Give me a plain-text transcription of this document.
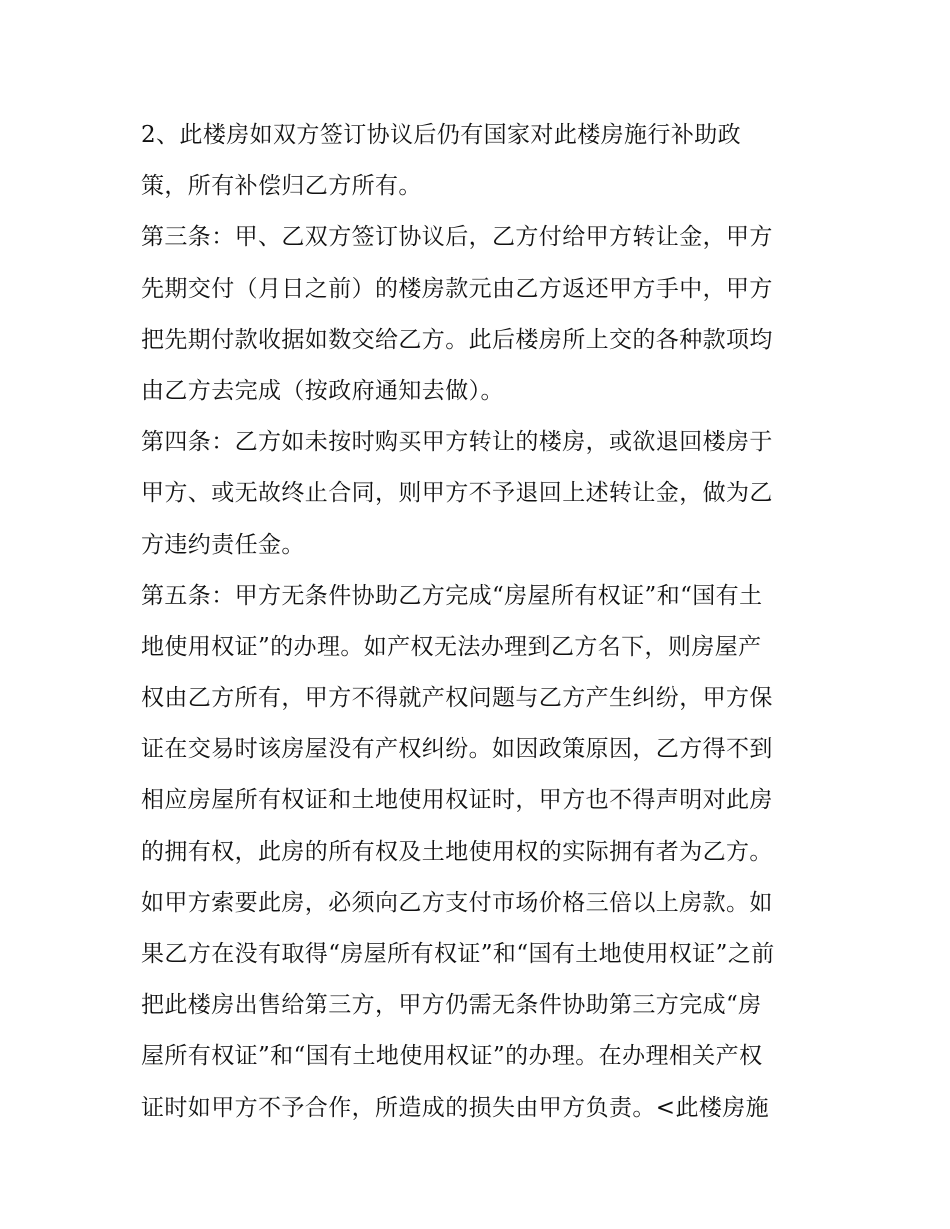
2、此楼房如双方签订协议后仍有国家对此楼房施行补助政
策，所有补偿归乙方所有。

第三条：甲、乙双方签订协议后，乙方付给甲方转让金，甲方
先期交付（月日之前）的楼房款元由乙方返还甲方手中，甲方
把先期付款收据如数交给乙方。此后楼房所上交的各种款项均
由乙方去完成（按政府通知去做）。

第四条：乙方如未按时购买甲方转让的楼房，或欲退回楼房于
甲方、或无故终止合同，则甲方不予退回上述转让金，做为乙
方违约责任金。

第五条：甲方无条件协助乙方完成“房屋所有权证”和“国有土
地使用权证”的办理。如产权无法办理到乙方名下，则房屋产
权由乙方所有，甲方不得就产权问题与乙方产生纠纷，甲方保
证在交易时该房屋没有产权纠纷。如因政策原因，乙方得不到
相应房屋所有权证和土地使用权证时，甲方也不得声明对此房
的拥有权，此房的所有权及土地使用权的实际拥有者为乙方。
如甲方索要此房，必须向乙方支付市场价格三倍以上房款。如
果乙方在没有取得“房屋所有权证”和“国有土地使用权证”之前
把此楼房出售给第三方，甲方仍需无条件协助第三方完成“房
屋所有权证”和“国有土地使用权证”的办理。在办理相关产权
证时如甲方不予合作，所造成的损失由甲方负责。<此楼房施
